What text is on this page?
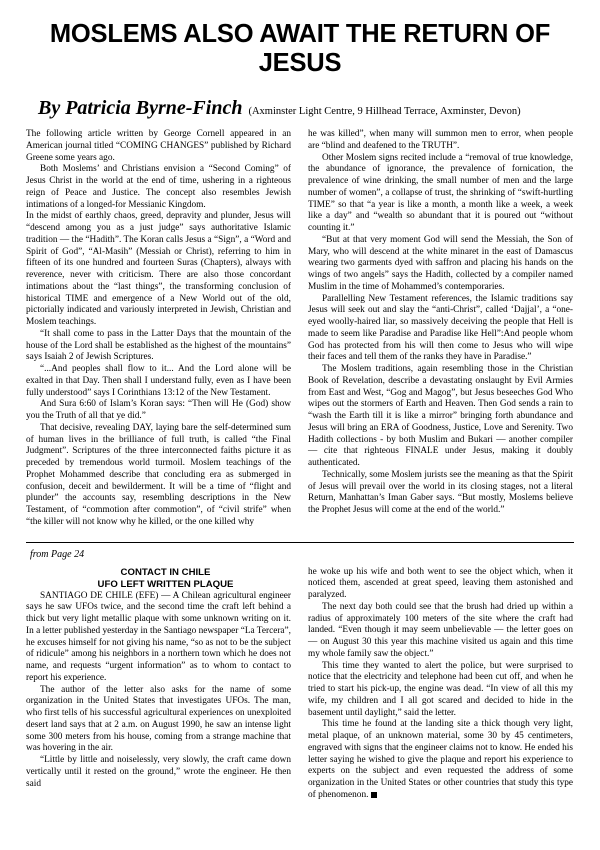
MOSLEMS ALSO AWAIT THE RETURN OF JESUS
By Patricia Byrne-Finch (Axminster Light Centre, 9 Hillhead Terrace, Axminster, Devon)

The following article written by George Cornell appeared in an American journal titled “COMING CHANGES” published by Richard Greene some years ago.

Both Moslems’ and Christians envision a “Second Coming” of Jesus Christ in the world at the end of time, ushering in a righteous reign of Peace and Justice. The concept also resembles Jewish intimations of a longed-for Messianic Kingdom.

In the midst of earthly chaos, greed, depravity and plunder, Jesus will “descend among you as a just judge” says authoritative Islamic tradition — the “Hadith”. The Koran calls Jesus a “Sign”, a “Word and Spirit of God”, “Al-Masih” (Messiah or Christ), referring to him in fifteen of its one hundred and fourteen Suras (Chapters), always with reverence, never with criticism. There are also those concordant intimations about the “last things”, the transforming conclusion of historical TIME and emergence of a New World out of the old, pictorially indicated and variously interpreted in Jewish, Christian and Moslem teachings.

“It shall come to pass in the Latter Days that the mountain of the house of the Lord shall be established as the highest of the mountains” says Isaiah 2 of Jewish Scriptures.

“...And peoples shall flow to it... And the Lord alone will be exalted in that Day. Then shall I understand fully, even as I have been fully understood” says I Corinthians 13:12 of the New Testament.

And Sura 6:60 of Islam’s Koran says: “Then will He (God) show you the Truth of all that ye did.”

That decisive, revealing DAY, laying bare the self-determined sum of human lives in the brilliance of full truth, is called “the Final Judgment”. Scriptures of the three interconnected faiths picture it as preceded by tremendous world turmoil. Moslem teachings of the Prophet Mohammed describe that concluding era as submerged in confusion, deceit and bewilderment. It will be a time of “flight and plunder” the accounts say, resembling descriptions in the New Testament, of “commotion after commotion”, of “civil strife” when “the killer will not know why he killed, or the one killed why

he was killed”, when many will summon men to error, when people are “blind and deafened to the TRUTH”.

Other Moslem signs recited include a “removal of true knowledge, the abundance of ignorance, the prevalence of fornication, the prevalence of wine drinking, the small number of men and the large number of women”, a collapse of trust, the shrinking of “swift-hurtling TIME” so that “a year is like a month, a month like a week, a week like a day” and “wealth so abundant that it is poured out “without counting it.”

“But at that very moment God will send the Messiah, the Son of Mary, who will descend at the white minaret in the east of Damascus wearing two garments dyed with saffron and placing his hands on the wings of two angels” says the Hadith, collected by a compiler named Muslim in the time of Mohammed’s contemporaries.

Parallelling New Testament references, the Islamic traditions say Jesus will seek out and slay the “anti-Christ”, called ‘Dajjal’, a “one-eyed woolly-haired liar, so massively deceiving the people that Hell is made to seem like Paradise and Paradise like Hell”:And people whom God has protected from his will then come to Jesus who will wipe their faces and tell them of the ranks they have in Paradise.”

The Moslem traditions, again resembling those in the Christian Book of Revelation, describe a devastating onslaught by Evil Armies from East and West, “Gog and Magog”, but Jesus beseeches God Who wipes out the stormers of Earth and Heaven. Then God sends a rain to “wash the Earth till it is like a mirror” bringing forth abundance and Jesus will bring an ERA of Goodness, Justice, Love and Serenity. Two Hadith collections - by both Muslim and Bukari — another compiler — cite that righteous FINALE under Jesus, making it doubly authenticated.

Technically, some Moslem jurists see the meaning as that the Spirit of Jesus will prevail over the world in its closing stages, not a literal Return, Manhattan’s Iman Gaber says. “But mostly, Moslems believe the Prophet Jesus will come at the end of the world.”

from Page 24

CONTACT IN CHILE

UFO LEFT WRITTEN PLAQUE

SANTIAGO DE CHILE (EFE) — A Chilean agricultural engineer says he saw UFOs twice, and the second time the craft left behind a thick but very light metallic plaque with some unknown writing on it. In a letter published yesterday in the Santiago newspaper “La Tercera”, he excuses himself for not giving his name, “so as not to be the subject of ridicule” among his neighbors in a northern town which he does not name, and requests “urgent information” as to whom to contact to report his experience.

The author of the letter also asks for the name of some organization in the United States that investigates UFOs. The man, who first tells of his successful agricultural experiences on unexploited desert land says that at 2 a.m. on August 1990, he saw an intense light some 300 meters from his house, coming from a strange machine that was hovering in the air.

“Little by little and noiselessly, very slowly, the craft came down vertically until it rested on the ground,” wrote the engineer. He then said

he woke up his wife and both went to see the object which, when it noticed them, ascended at great speed, leaving them astonished and paralyzed.

The next day both could see that the brush had dried up within a radius of approximately 100 meters of the site where the craft had landed. “Even though it may seem unbelievable — the letter goes on — on August 30 this year this machine visited us again and this time my whole family saw the object.”

This time they wanted to alert the police, but were surprised to notice that the electricity and telephone had been cut off, and when he tried to start his pick-up, the engine was dead. “In view of all this my wife, my children and I all got scared and decided to hide in the basement until daylight,” said the letter.

This time he found at the landing site a thick though very light, metal plaque, of an unknown material, some 30 by 45 centimeters, engraved with signs that the engineer claims not to know. He ended his letter saying he wished to give the plaque and report his experience to experts on the subject and even requested the address of some organization in the United States or other countries that study this type of phenomenon.
